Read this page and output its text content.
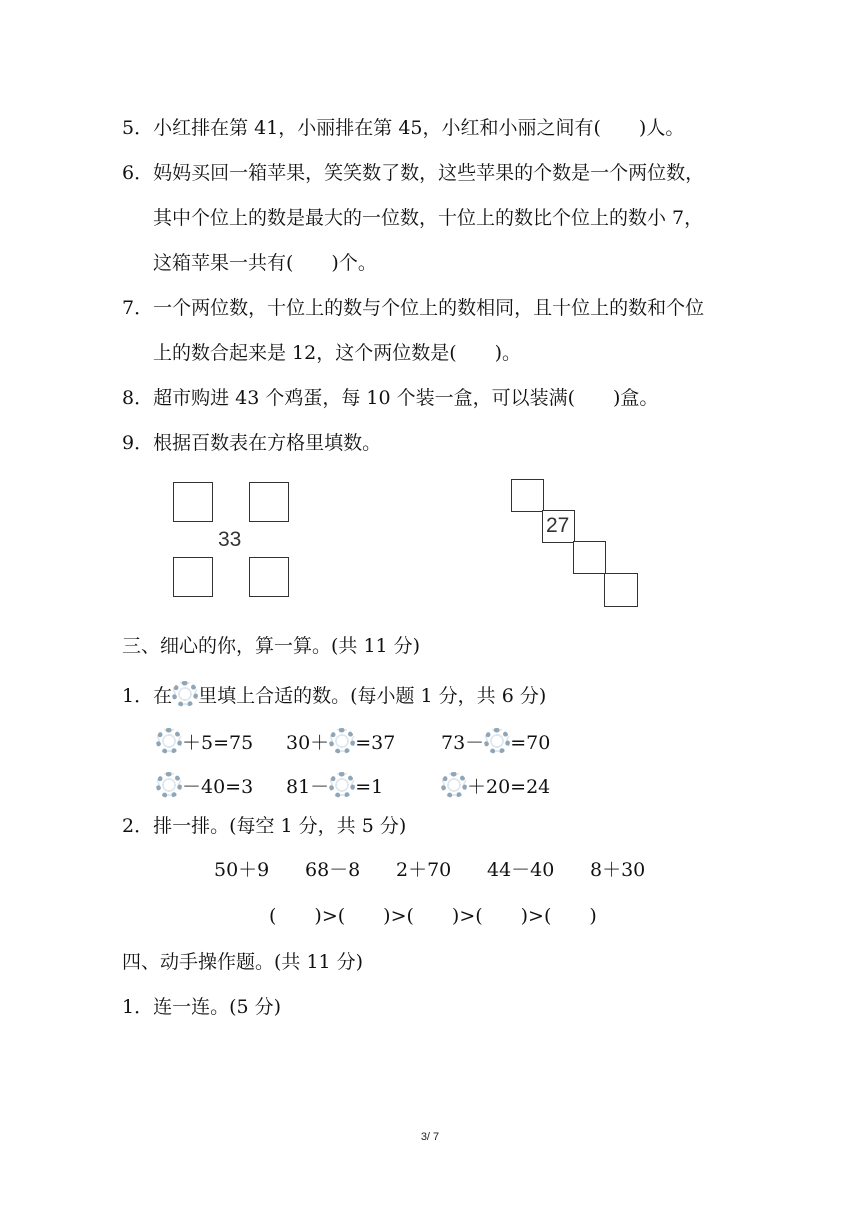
5．小红排在第 41，小丽排在第 45，小红和小丽之间有(　　)人。
6．妈妈买回一箱苹果，笑笑数了数，这些苹果的个数是一个两位数，
其中个位上的数是最大的一位数，十位上的数比个位上的数小 7，
这箱苹果一共有(　　)个。
7．一个两位数，十位上的数与个位上的数相同，且十位上的数和个位
上的数合起来是 12，这个两位数是(　　)。
8．超市购进 43 个鸡蛋，每 10 个装一盒，可以装满(　　)盒。
9．根据百数表在方格里填数。
33
27
三、细心的你，算一算。(共 11 分)
1．在 里填上合适的数。(每小题 1 分，共 6 分)
＋5=75 30＋ =37 73－ =70
－40=3 81－ =1	＋20=24
2．排一排。(每空 1 分，共 5 分)
50＋9 68－8 2＋70 44－40 8＋30
(　　)>(　　)>(　　)>(　　)>(　　)
四、动手操作题。(共 11 分)
1．连一连。(5 分)
3/ 7
